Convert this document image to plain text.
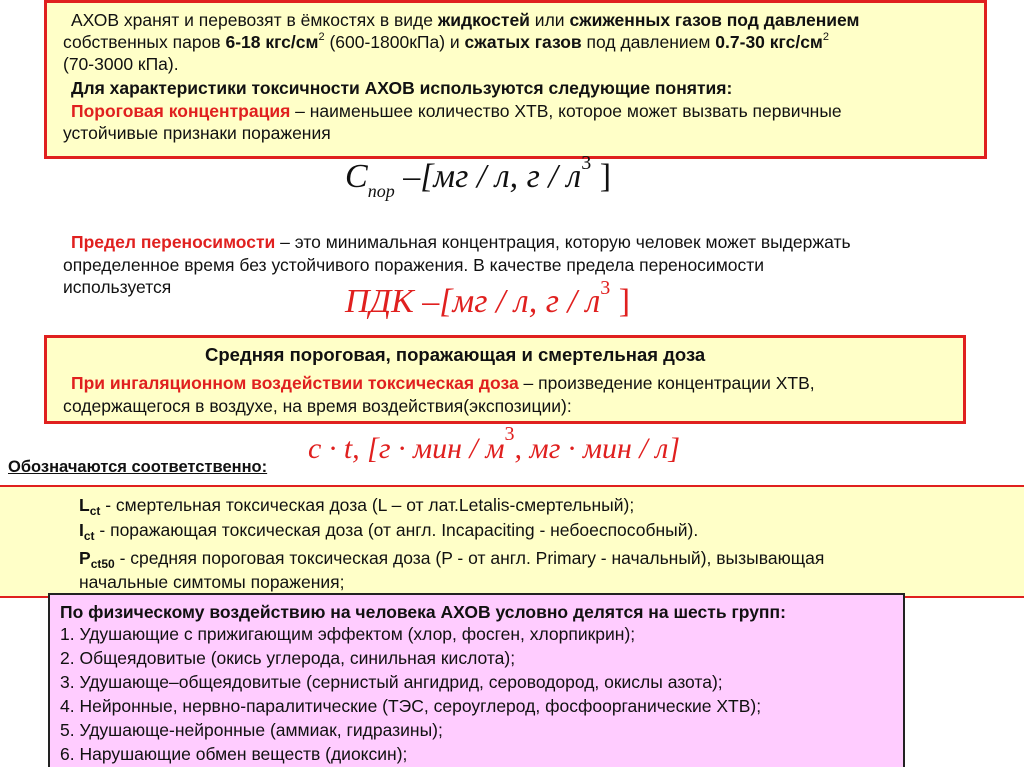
АХОВ хранят и перевозят в ёмкостях в виде жидкостей или сжиженных газов под давлением
собственных паров 6-18 кгс/$см^2$ (600-1800кПа) и сжатых газов под давлением 0.7-30 кгс/$см^2$
(70-3000 кПа).
Для характеристики токсичности АХОВ используются следующие понятия:
Пороговая концентрация – наименьшее количество ХТВ, которое может вызвать первичные
устойчивые признаки поражения
$C_{пор}$ –[мг / л, г / $л^3$ ]
Предел переносимости – это минимальная концентрация, которую человек может выдержать
определенное время без устойчивого поражения. В качестве предела переносимости
используется	ПДК –[мг / л, г / $л^3$ ]
Средняя пороговая, поражающая и смертельная доза
При ингаляционном воздействии токсическая доза – произведение концентрации ХТВ,
содержащегося в воздухе, на время воздействия(экспозиции):
c · t, [г · мин / $м^3$, мг · мин / л]
Обозначаются соответственно:
$L_{ct}$ - смертельная токсическая доза (L – от лат.Letalis-смертельный);
$I_{ct}$ - поражающая токсическая доза (от англ. Incapaciting - небоеспособный).
$P_{ct50}$ - средняя пороговая токсическая доза (P - от англ. Primary - начальный), вызывающая
начальные симтомы поражения;
По физическому воздействию на человека АХОВ условно делятся на шесть групп:
1. Удушающие с прижигающим эффектом (хлор, фосген, хлорпикрин);
2. Общеядовитые (окись углерода, синильная кислота);
3. Удушающе–общеядовитые (сернистый ангидрид, сероводород, окислы азота);
4. Нейронные, нервно-паралитические (ТЭС, сероуглерод, фосфоорганические ХТВ);
5. Удушающе-нейронные (аммиак, гидразины);
6. Нарушающие обмен веществ (диоксин);
